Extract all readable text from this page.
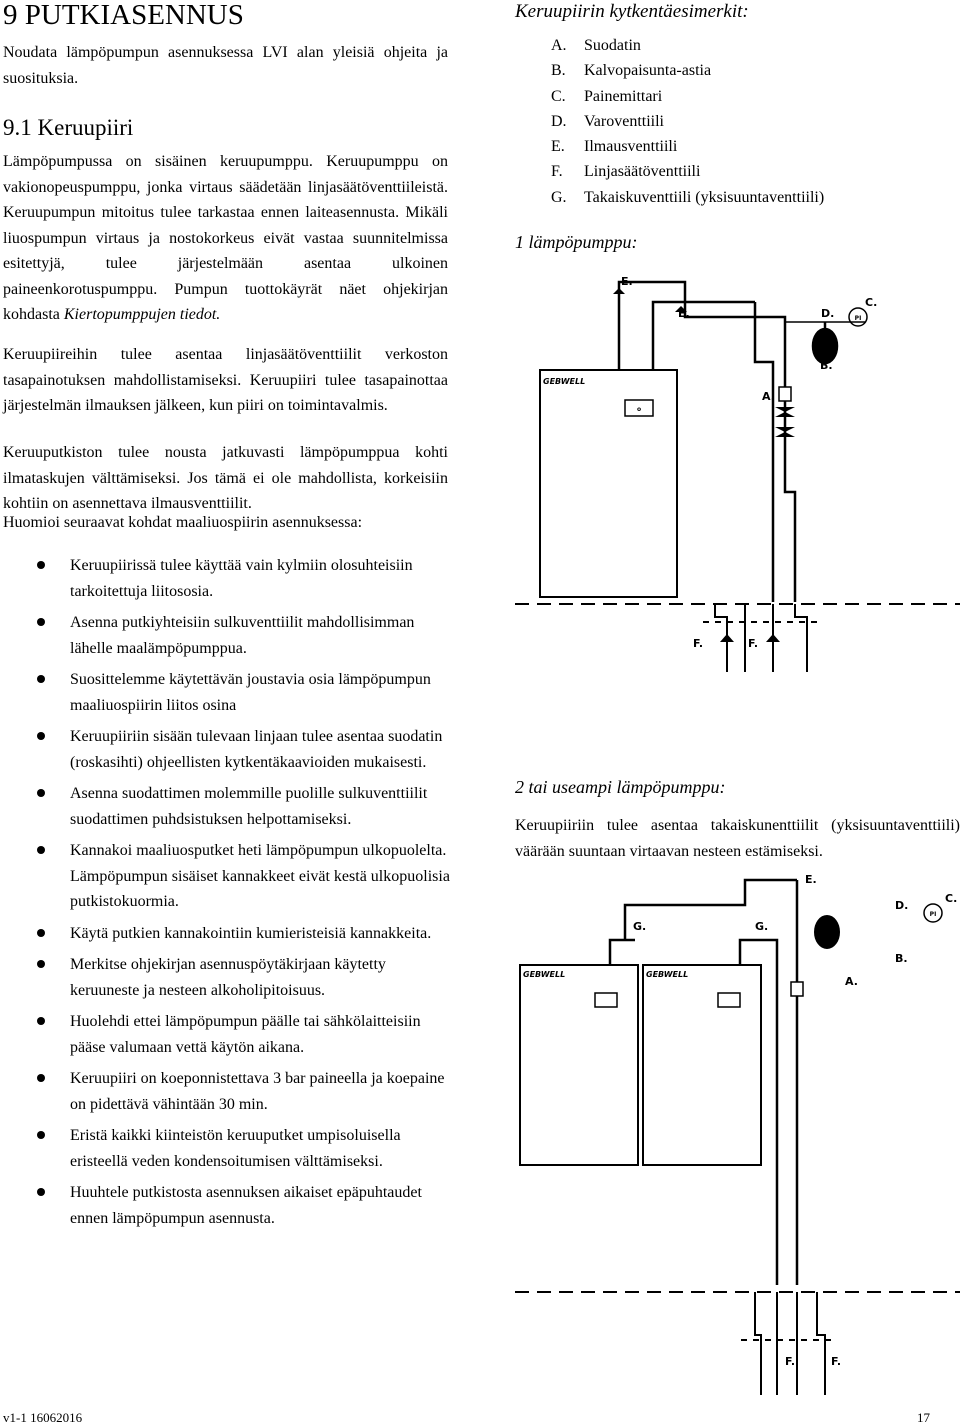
9 PUTKIASENNUS

Noudata lämpöpumpun asennuksessa LVI alan yleisiä ohjeita ja suosituksia.

9.1 Keruupiiri

Lämpöpumpussa on sisäinen keruupumppu. Keruupumppu on vakionopeuspumppu, jonka virtaus säädetään linjasäätöventtiileistä. Keruupumpun mitoitus tulee tarkastaa ennen laiteasennusta. Mikäli liuospumpun virtaus ja nostokorkeus eivät vastaa suunnitelmissa esitettyjä, tulee järjestelmään asentaa ulkoinen paineenkorotuspumppu. Pumpun tuottokäyrät näet ohjekirjan kohdasta Kiertopumppujen tiedot.

Keruupiireihin tulee asentaa linjasäätöventtiilit verkoston tasapainotuksen mahdollistamiseksi. Keruupiiri tulee tasapainottaa järjestelmän ilmauksen jälkeen, kun piiri on toimintavalmis.

Keruuputkiston tulee nousta jatkuvasti lämpöpumppua kohti ilmataskujen välttämiseksi. Jos tämä ei ole mahdollista, korkeisiin kohtiin on asennettava ilmausventtiilit.

Huomioi seuraavat kohdat maaliuospiirin asennuksessa:

Keruupiirissä tulee käyttää vain kylmiin olosuhteisiin tarkoitettuja liitososia.
Asenna putkiyhteisiin sulkuventtiilit mahdollisimman lähelle maalämpöpumppua.
Suosittelemme käytettävän joustavia osia lämpöpumpun maaliuospiirin liitos osina
Keruupiiriin sisään tulevaan linjaan tulee asentaa suodatin (roskasihti) ohjeellisten kytkentäkaavioiden mukaisesti.
Asenna suodattimen molemmille puolille sulkuventtiilit suodattimen puhdsistuksen helpottamiseksi.
Kannakoi maaliuosputket heti lämpöpumpun ulkopuolelta. Lämpöpumpun sisäiset kannakkeet eivät kestä ulkopuolisia putkistokuormia.
Käytä putkien kannakointiin kumieristeisiä kannakkeita.
Merkitse ohjekirjan asennuspöytäkirjaan käytetty keruuneste ja nesteen alkoholipitoisuus.
Huolehdi ettei lämpöpumpun päälle tai sähkölaitteisiin pääse valumaan vettä käytön aikana.
Keruupiiri on koeponnistettava 3 bar paineella ja koepaine on pidettävä vähintään 30 min.
Eristä kaikki kiinteistön keruuputket umpisoluisella eristeellä veden kondensoitumisen välttämiseksi.
Huuhtele putkistosta asennuksen aikaiset epäpuhtaudet ennen lämpöpumpun asennusta.

Keruupiirin kytkentäesimerkit:

A. Suodatin
B. Kalvopaisunta-astia
C. Painemittari
D. Varoventtiili
E. Ilmausventtiili
F. Linjasäätöventtiili
G. Takaiskuventtiili (yksisuuntaventtiili)

1 lämpöpumppu:

GEBWELL
o
PI
E.
E.	D.
C.
B.
A.
F.	F.

2 tai useampi lämpöpumppu:

Keruupiiriin tulee asentaa takaiskunenttiilit (yksisuuntaventtiili) väärään suuntaan virtaavan nesteen estämiseksi.

GEBWELL	GEBWELL
PI
E.
D.
C.
B.
A.
G.	G.
F.	F.
v1-1 16062016	17
